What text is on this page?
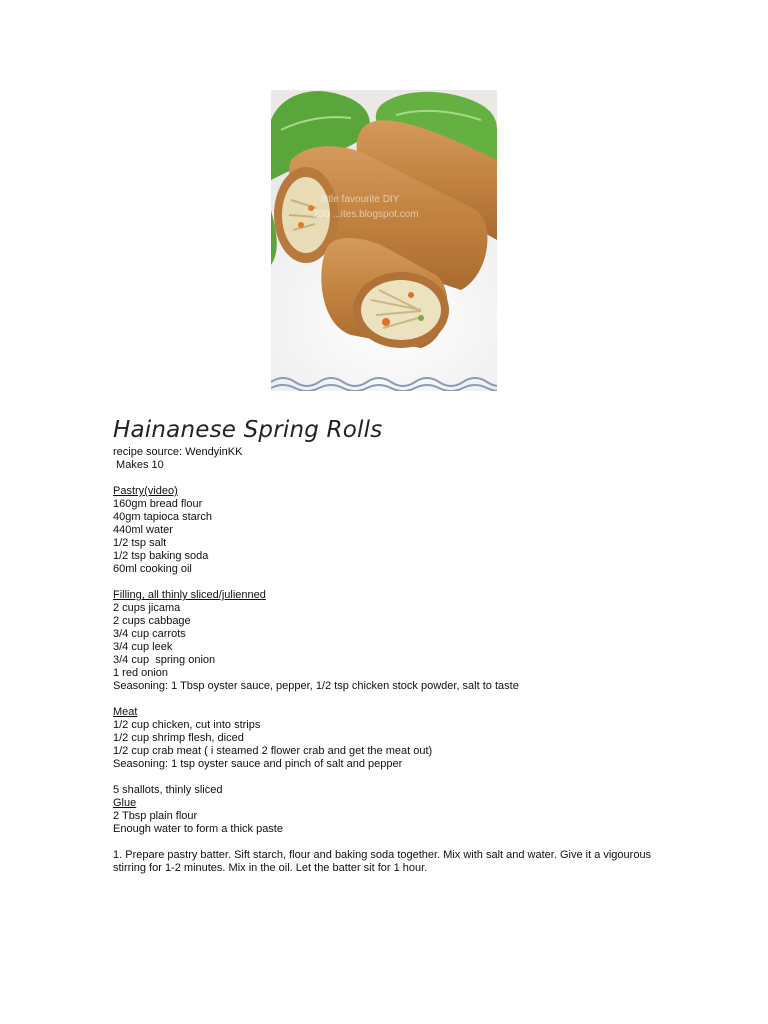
little favourite DIY
230 ...ites.blogspot.com
Hainanese Spring Rolls

recipe source: WendyinKK

Makes 10

Pastry(video)

160gm bread flour

40gm tapioca starch

440ml water

1/2 tsp salt

1/2 tsp baking soda

60ml cooking oil

Filling, all thinly sliced/julienned

2 cups jicama

2 cups cabbage

3/4 cup carrots

3/4 cup leek

3/4 cup  spring onion

1 red onion

Seasoning: 1 Tbsp oyster sauce, pepper, 1/2 tsp chicken stock powder, salt to taste

Meat

1/2 cup chicken, cut into strips

1/2 cup shrimp flesh, diced

1/2 cup crab meat ( i steamed 2 flower crab and get the meat out)

Seasoning: 1 tsp oyster sauce and pinch of salt and pepper

5 shallots, thinly sliced

Glue

2 Tbsp plain flour

Enough water to form a thick paste

1. Prepare pastry batter. Sift starch, flour and baking soda together. Mix with salt and water. Give it a vigourous stirring for 1-2 minutes. Mix in the oil. Let the batter sit for 1 hour.
